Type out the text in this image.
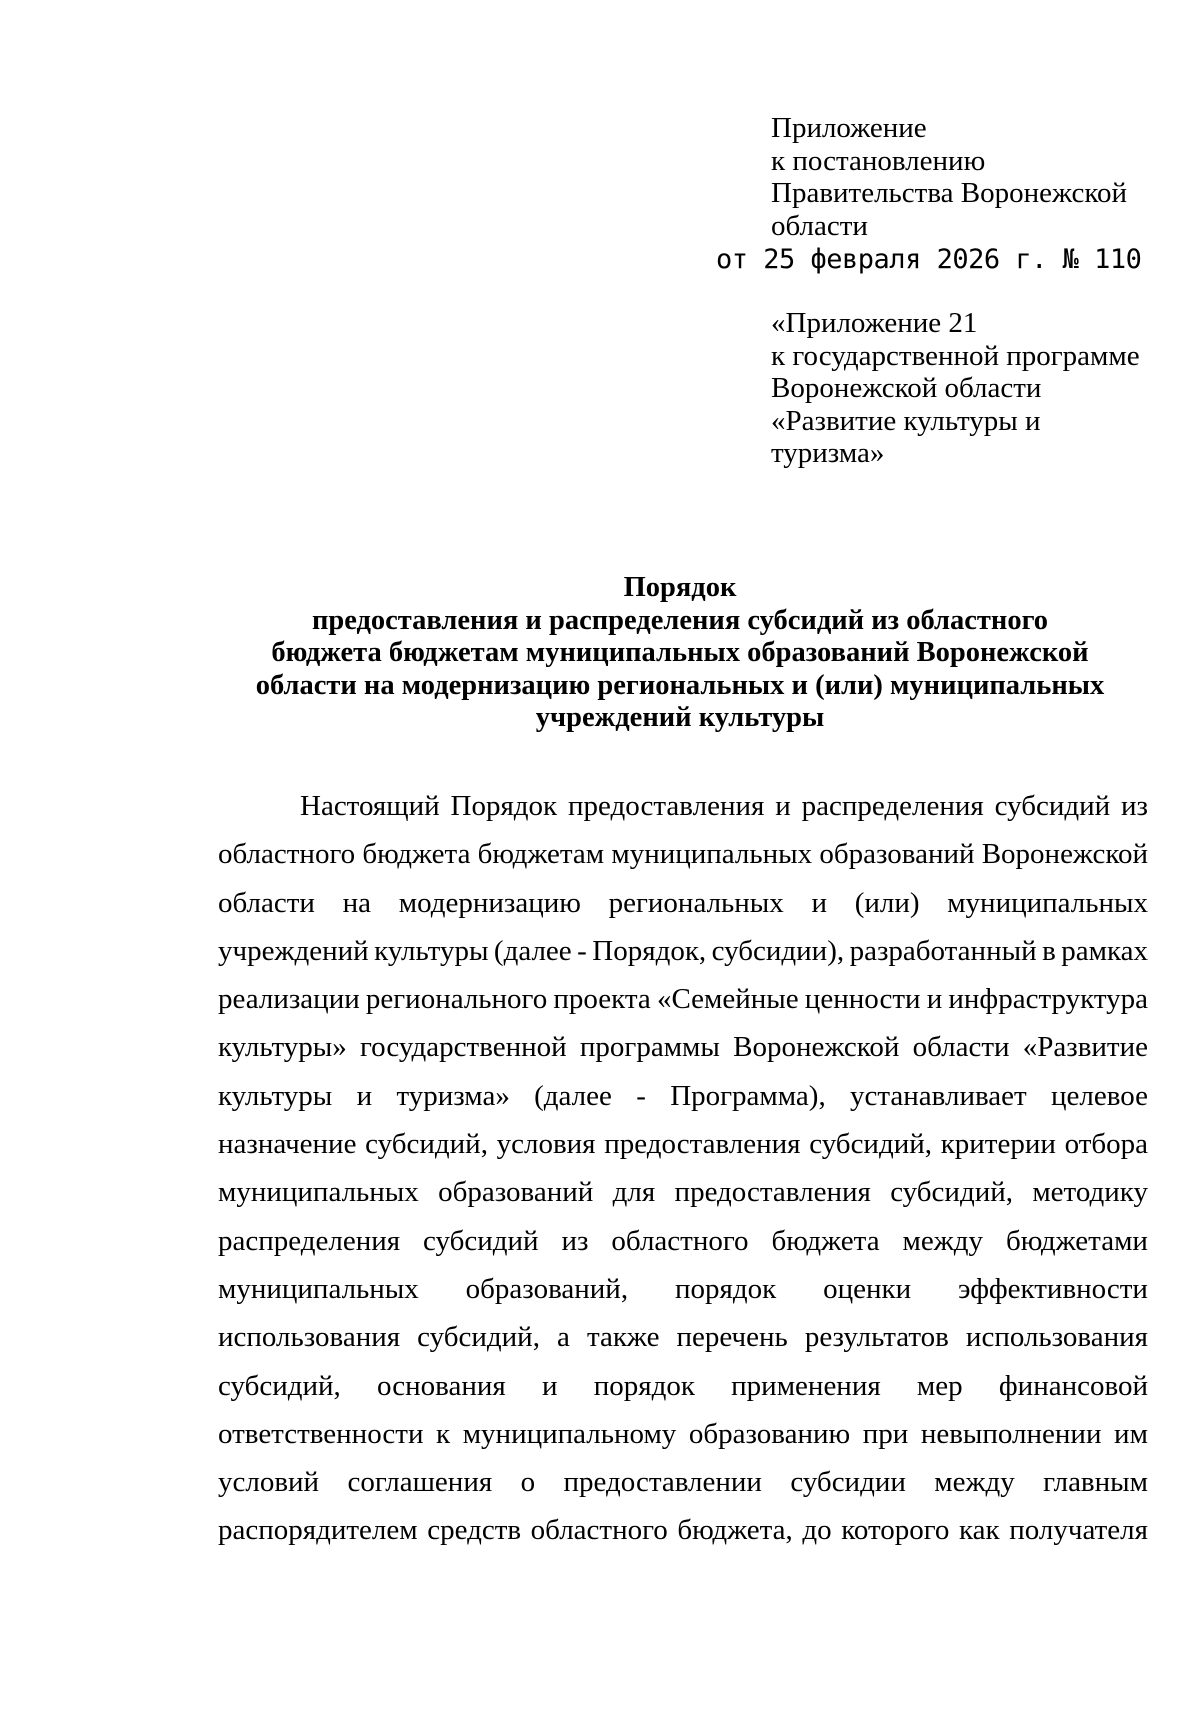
Приложение
к постановлению
Правительства Воронежской
области
от 25 февраля 2026 г. № 110
«Приложение 21
к государственной программе
Воронежской области
«Развитие культуры и
туризма»
Порядок
предоставления и распределения субсидий из областного
бюджета бюджетам муниципальных образований Воронежской
области на модернизацию региональных и (или) муниципальных
учреждений культуры
Настоящий Порядок предоставления и распределения субсидий из
областного бюджета бюджетам муниципальных образований Воронежской
области на модернизацию региональных и (или) муниципальных
учреждений культуры (далее - Порядок, субсидии), разработанный в рамках
реализации регионального проекта «Семейные ценности и инфраструктура
культуры» государственной программы Воронежской области «Развитие
культуры и туризма» (далее - Программа), устанавливает целевое
назначение субсидий, условия предоставления субсидий, критерии отбора
муниципальных образований для предоставления субсидий, методику
распределения субсидий из областного бюджета между бюджетами
муниципальных образований, порядок оценки эффективности
использования субсидий, а также перечень результатов использования
субсидий, основания и порядок применения мер финансовой
ответственности к муниципальному образованию при невыполнении им
условий соглашения о предоставлении субсидии между главным
распорядителем средств областного бюджета, до которого как получателя
